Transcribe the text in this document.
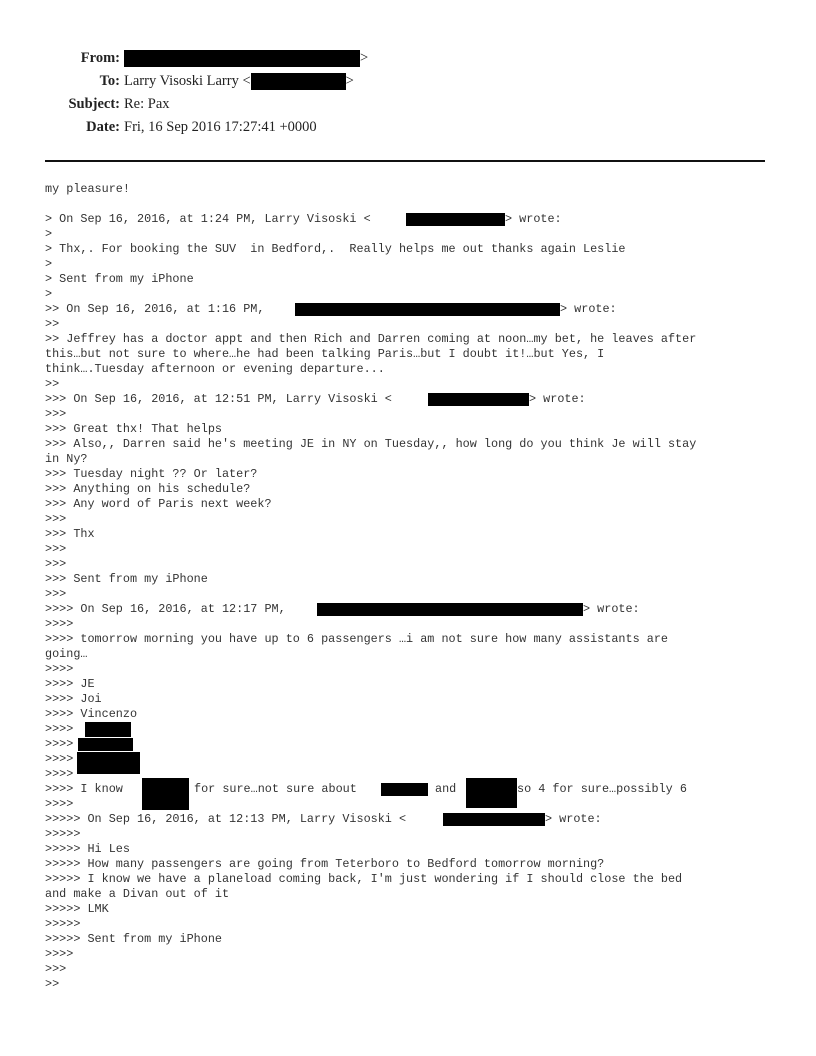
From:	>
To: Larry Visoski Larry <	>
Subject: Re: Pax
Date: Fri, 16 Sep 2016 17:27:41 +0000
my pleasure!
> On Sep 16, 2016, at 1:24 PM, Larry Visoski <	> wrote:
>
> Thx,. For booking the SUV  in Bedford,.  Really helps me out thanks again Leslie
>
> Sent from my iPhone
>
>> On Sep 16, 2016, at 1:16 PM,	> wrote:
>>
>> Jeffrey has a doctor appt and then Rich and Darren coming at noon…my bet, he leaves after
this…but not sure to where…he had been talking Paris…but I doubt it!…but Yes, I
think….Tuesday afternoon or evening departure...
>>
>>> On Sep 16, 2016, at 12:51 PM, Larry Visoski <	> wrote:
>>>
>>> Great thx! That helps
>>> Also,, Darren said he's meeting JE in NY on Tuesday,, how long do you think Je will stay
in Ny?
>>> Tuesday night ?? Or later?
>>> Anything on his schedule?
>>> Any word of Paris next week?
>>>
>>> Thx
>>>
>>>
>>> Sent from my iPhone
>>>
>>>> On Sep 16, 2016, at 12:17 PM,	> wrote:
>>>>
>>>> tomorrow morning you have up to 6 passengers …i am not sure how many assistants are
going…
>>>>
>>>> JE
>>>> Joi
>>>> Vincenzo
>>>>
>>>>
>>>>
>>>>
>>>> I know	for sure…not sure about	and	so 4 for sure…possibly 6
>>>>
>>>>> On Sep 16, 2016, at 12:13 PM, Larry Visoski <	> wrote:
>>>>>
>>>>> Hi Les
>>>>> How many passengers are going from Teterboro to Bedford tomorrow morning?
>>>>> I know we have a planeload coming back, I'm just wondering if I should close the bed
and make a Divan out of it
>>>>> LMK
>>>>>
>>>>> Sent from my iPhone
>>>>
>>>
>>
